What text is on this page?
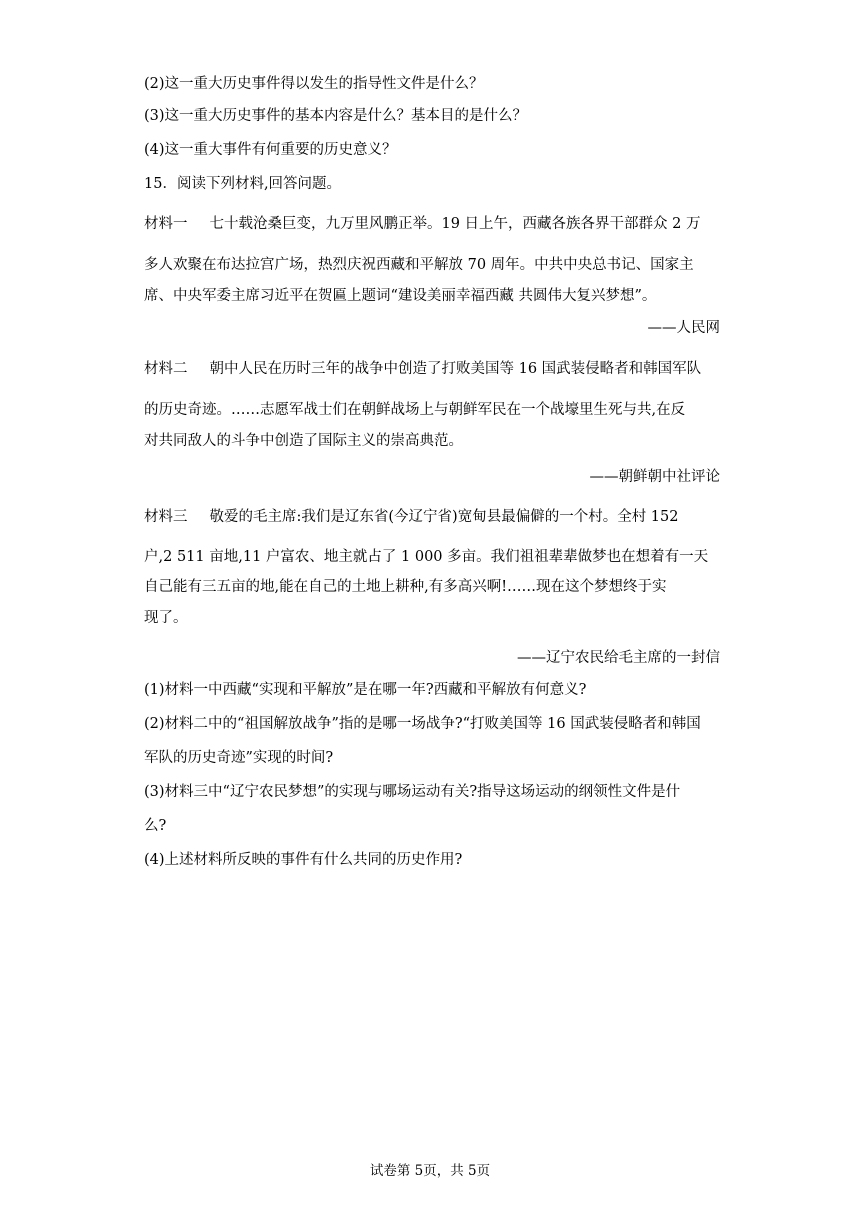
(2)这一重大历史事件得以发生的指导性文件是什么？
(3)这一重大历史事件的基本内容是什么？基本目的是什么？
(4)这一重大事件有何重要的历史意义？
15．阅读下列材料,回答问题。
材料一 七十载沧桑巨变，九万里风鹏正举。19 日上午，西藏各族各界干部群众 2 万
多人欢聚在布达拉宫广场，热烈庆祝西藏和平解放 70 周年。中共中央总书记、国家主
席、中央军委主席习近平在贺匾上题词“建设美丽幸福西藏 共圆伟大复兴梦想”。
——人民网
材料二 朝中人民在历时三年的战争中创造了打败美国等 16 国武装侵略者和韩国军队
的历史奇迹。……志愿军战士们在朝鲜战场上与朝鲜军民在一个战壕里生死与共,在反
对共同敌人的斗争中创造了国际主义的崇高典范。
——朝鲜朝中社评论
材料三 敬爱的毛主席:我们是辽东省(今辽宁省)宽甸县最偏僻的一个村。全村 152
户,2 511 亩地,11 户富农、地主就占了 1 000 多亩。我们祖祖辈辈做梦也在想着有一天
自己能有三五亩的地,能在自己的土地上耕种,有多高兴啊!……现在这个梦想终于实
现了。
——辽宁农民给毛主席的一封信
(1)材料一中西藏“实现和平解放”是在哪一年?西藏和平解放有何意义?
(2)材料二中的“祖国解放战争”指的是哪一场战争?“打败美国等 16 国武装侵略者和韩国
军队的历史奇迹”实现的时间?
(3)材料三中“辽宁农民梦想”的实现与哪场运动有关?指导这场运动的纲领性文件是什
么?
(4)上述材料所反映的事件有什么共同的历史作用?
试卷第 5页，共 5页
